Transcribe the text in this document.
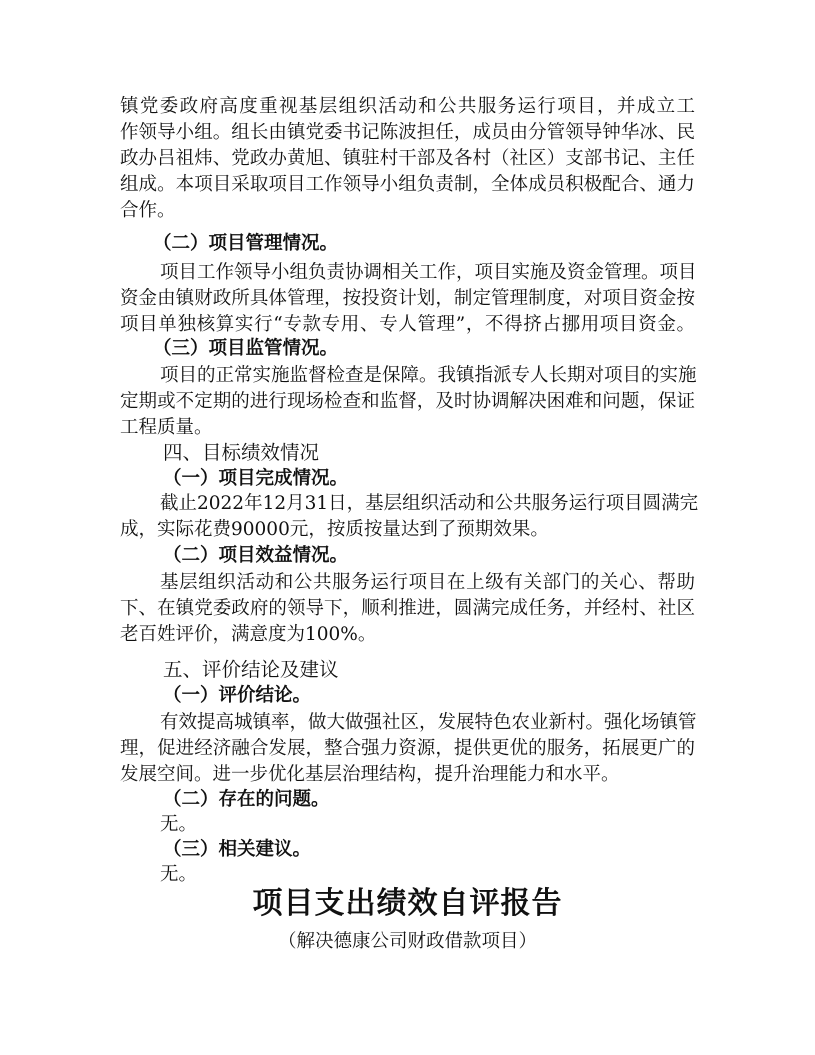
镇党委政府高度重视基层组织活动和公共服务运行项目，并成立工

作领导小组。组长由镇党委书记陈波担任，成员由分管领导钟华冰、民

政办吕祖炜、党政办黄旭、镇驻村干部及各村（社区）支部书记、主任

组成。本项目采取项目工作领导小组负责制，全体成员积极配合、通力

合作。

（二）项目管理情况。

项目工作领导小组负责协调相关工作，项目实施及资金管理。项目

资金由镇财政所具体管理，按投资计划，制定管理制度，对项目资金按

项目单独核算实行“专款专用、专人管理”，不得挤占挪用项目资金。

（三）项目监管情况。

项目的正常实施监督检查是保障。我镇指派专人长期对项目的实施

定期或不定期的进行现场检查和监督，及时协调解决困难和问题，保证

工程质量。

四、目标绩效情况

（一）项目完成情况。

截止2022年12月31日，基层组织活动和公共服务运行项目圆满完

成，实际花费90000元，按质按量达到了预期效果。

（二）项目效益情况。

基层组织活动和公共服务运行项目在上级有关部门的关心、帮助

下、在镇党委政府的领导下，顺利推进，圆满完成任务，并经村、社区

老百姓评价，满意度为100%。

五、评价结论及建议

（一）评价结论。

有效提高城镇率，做大做强社区，发展特色农业新村。强化场镇管

理，促进经济融合发展，整合强力资源，提供更优的服务，拓展更广的

发展空间。进一步优化基层治理结构，提升治理能力和水平。

（二）存在的问题。

无。

（三）相关建议。

无。

项目支出绩效自评报告

（解决德康公司财政借款项目）
